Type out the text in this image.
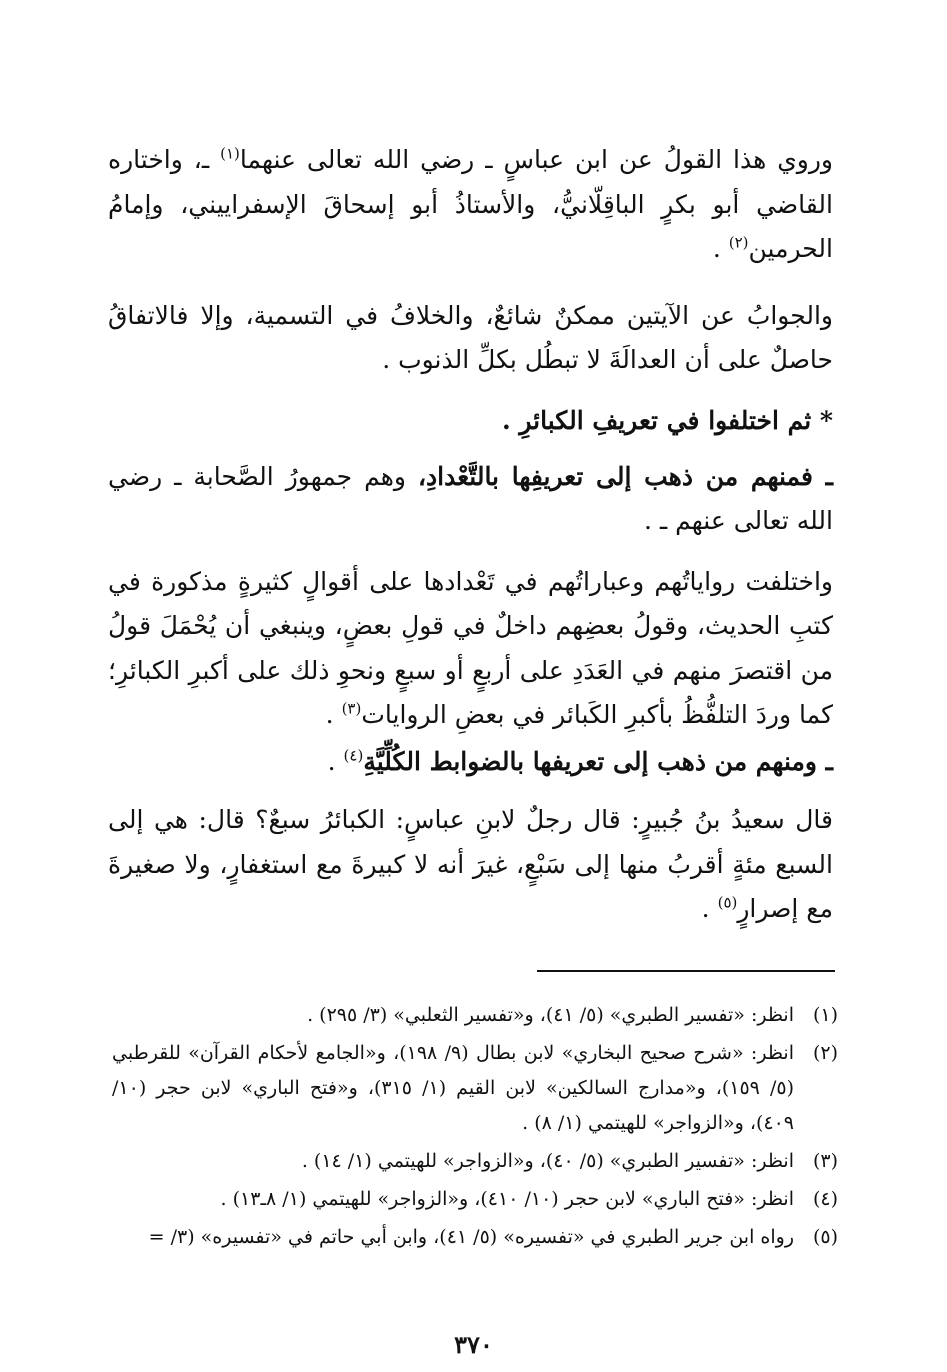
وروي هذا القولُ عن ابن عباسٍ ـ رضي الله تعالى عنهما$^{(١)}$ ـ، واختاره القاضي أبو بكرٍ الباقِلّانيُّ، والأستاذُ أبو إسحاقَ الإسفراييني، وإمامُ الحرمين$^{(٢)}$ .

والجوابُ عن الآيتين ممكنٌ شائعٌ، والخلافُ في التسمية، وإلا فالاتفاقُ حاصلٌ على أن العدالَةَ لا تبطُل بكلِّ الذنوب .

* ثم اختلفوا في تعريفِ الكبائرِ .

ـ فمنهم من ذهب إلى تعريفِها بالتَّعْدادِ، وهم جمهورُ الصَّحابة ـ رضي الله تعالى عنهم ـ .

واختلفت رواياتُهم وعباراتُهم في تَعْدادها على أقوالٍ كثيرةٍ مذكورة في كتبِ الحديث، وقولُ بعضِهم داخلٌ في قولِ بعضٍ، وينبغي أن يُحْمَلَ قولُ من اقتصرَ منهم في العَدَدِ على أربعٍ أو سبعٍ ونحوِ ذلك على أكبرِ الكبائرِ؛ كما وردَ التلفُّظُ بأكبرِ الكَبائر في بعضِ الروايات$^{(٣)}$ .

ـ ومنهم من ذهب إلى تعريفها بالضوابط الكُلِّيَّةِ$^{(٤)}$ .

قال سعيدُ بنُ جُبيرٍ: قال رجلٌ لابنِ عباسٍ: الكبائرُ سبعٌ؟ قال: هي إلى السبع مئةٍ أقربُ منها إلى سَبْعٍ، غيرَ أنه لا كبيرةَ مع استغفارٍ، ولا صغيرةَ مع إصرارٍ$^{(٥)}$ .

(١)
انظر: «تفسير الطبري» (٥/ ٤١)، و«تفسير الثعلبي» (٣/ ٢٩٥) .
(٢)
انظر: «شرح صحيح البخاري» لابن بطال (٩/ ١٩٨)، و«الجامع لأحكام القرآن» للقرطبي (٥/ ١٥٩)، و«مدارج السالكين» لابن القيم (١/ ٣١٥)، و«فتح الباري» لابن حجر (١٠/ ٤٠٩)، و«الزواجر» للهيتمي (١/ ٨) .
(٣)
انظر: «تفسير الطبري» (٥/ ٤٠)، و«الزواجر» للهيتمي (١/ ١٤) .
(٤)
انظر: «فتح الباري» لابن حجر (١٠/ ٤١٠)، و«الزواجر» للهيتمي (١/ ٨ـ١٣) .
(٥)
رواه ابن جرير الطبري في «تفسيره» (٥/ ٤١)، وابن أبي حاتم في «تفسيره» (٣/ =
٣٧٠
